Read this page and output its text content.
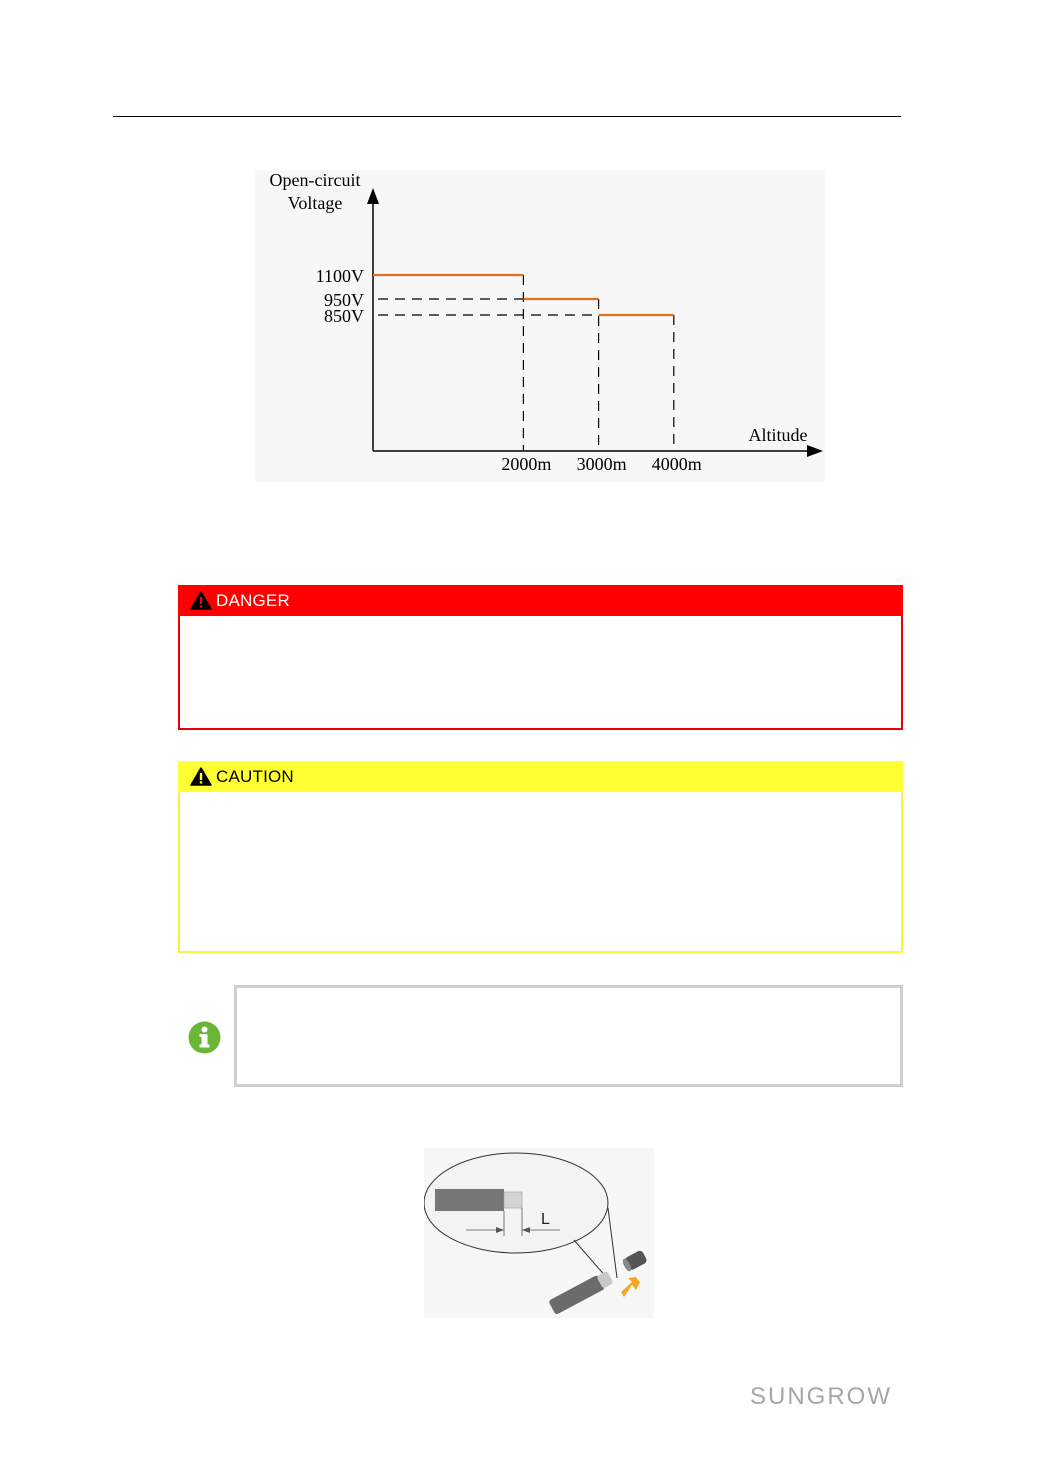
Open-circuit
Voltage
Altitude
1100V
950V
850V
2000m 3000m 4000m
DANGER
CAUTION
L
SUNGROW
